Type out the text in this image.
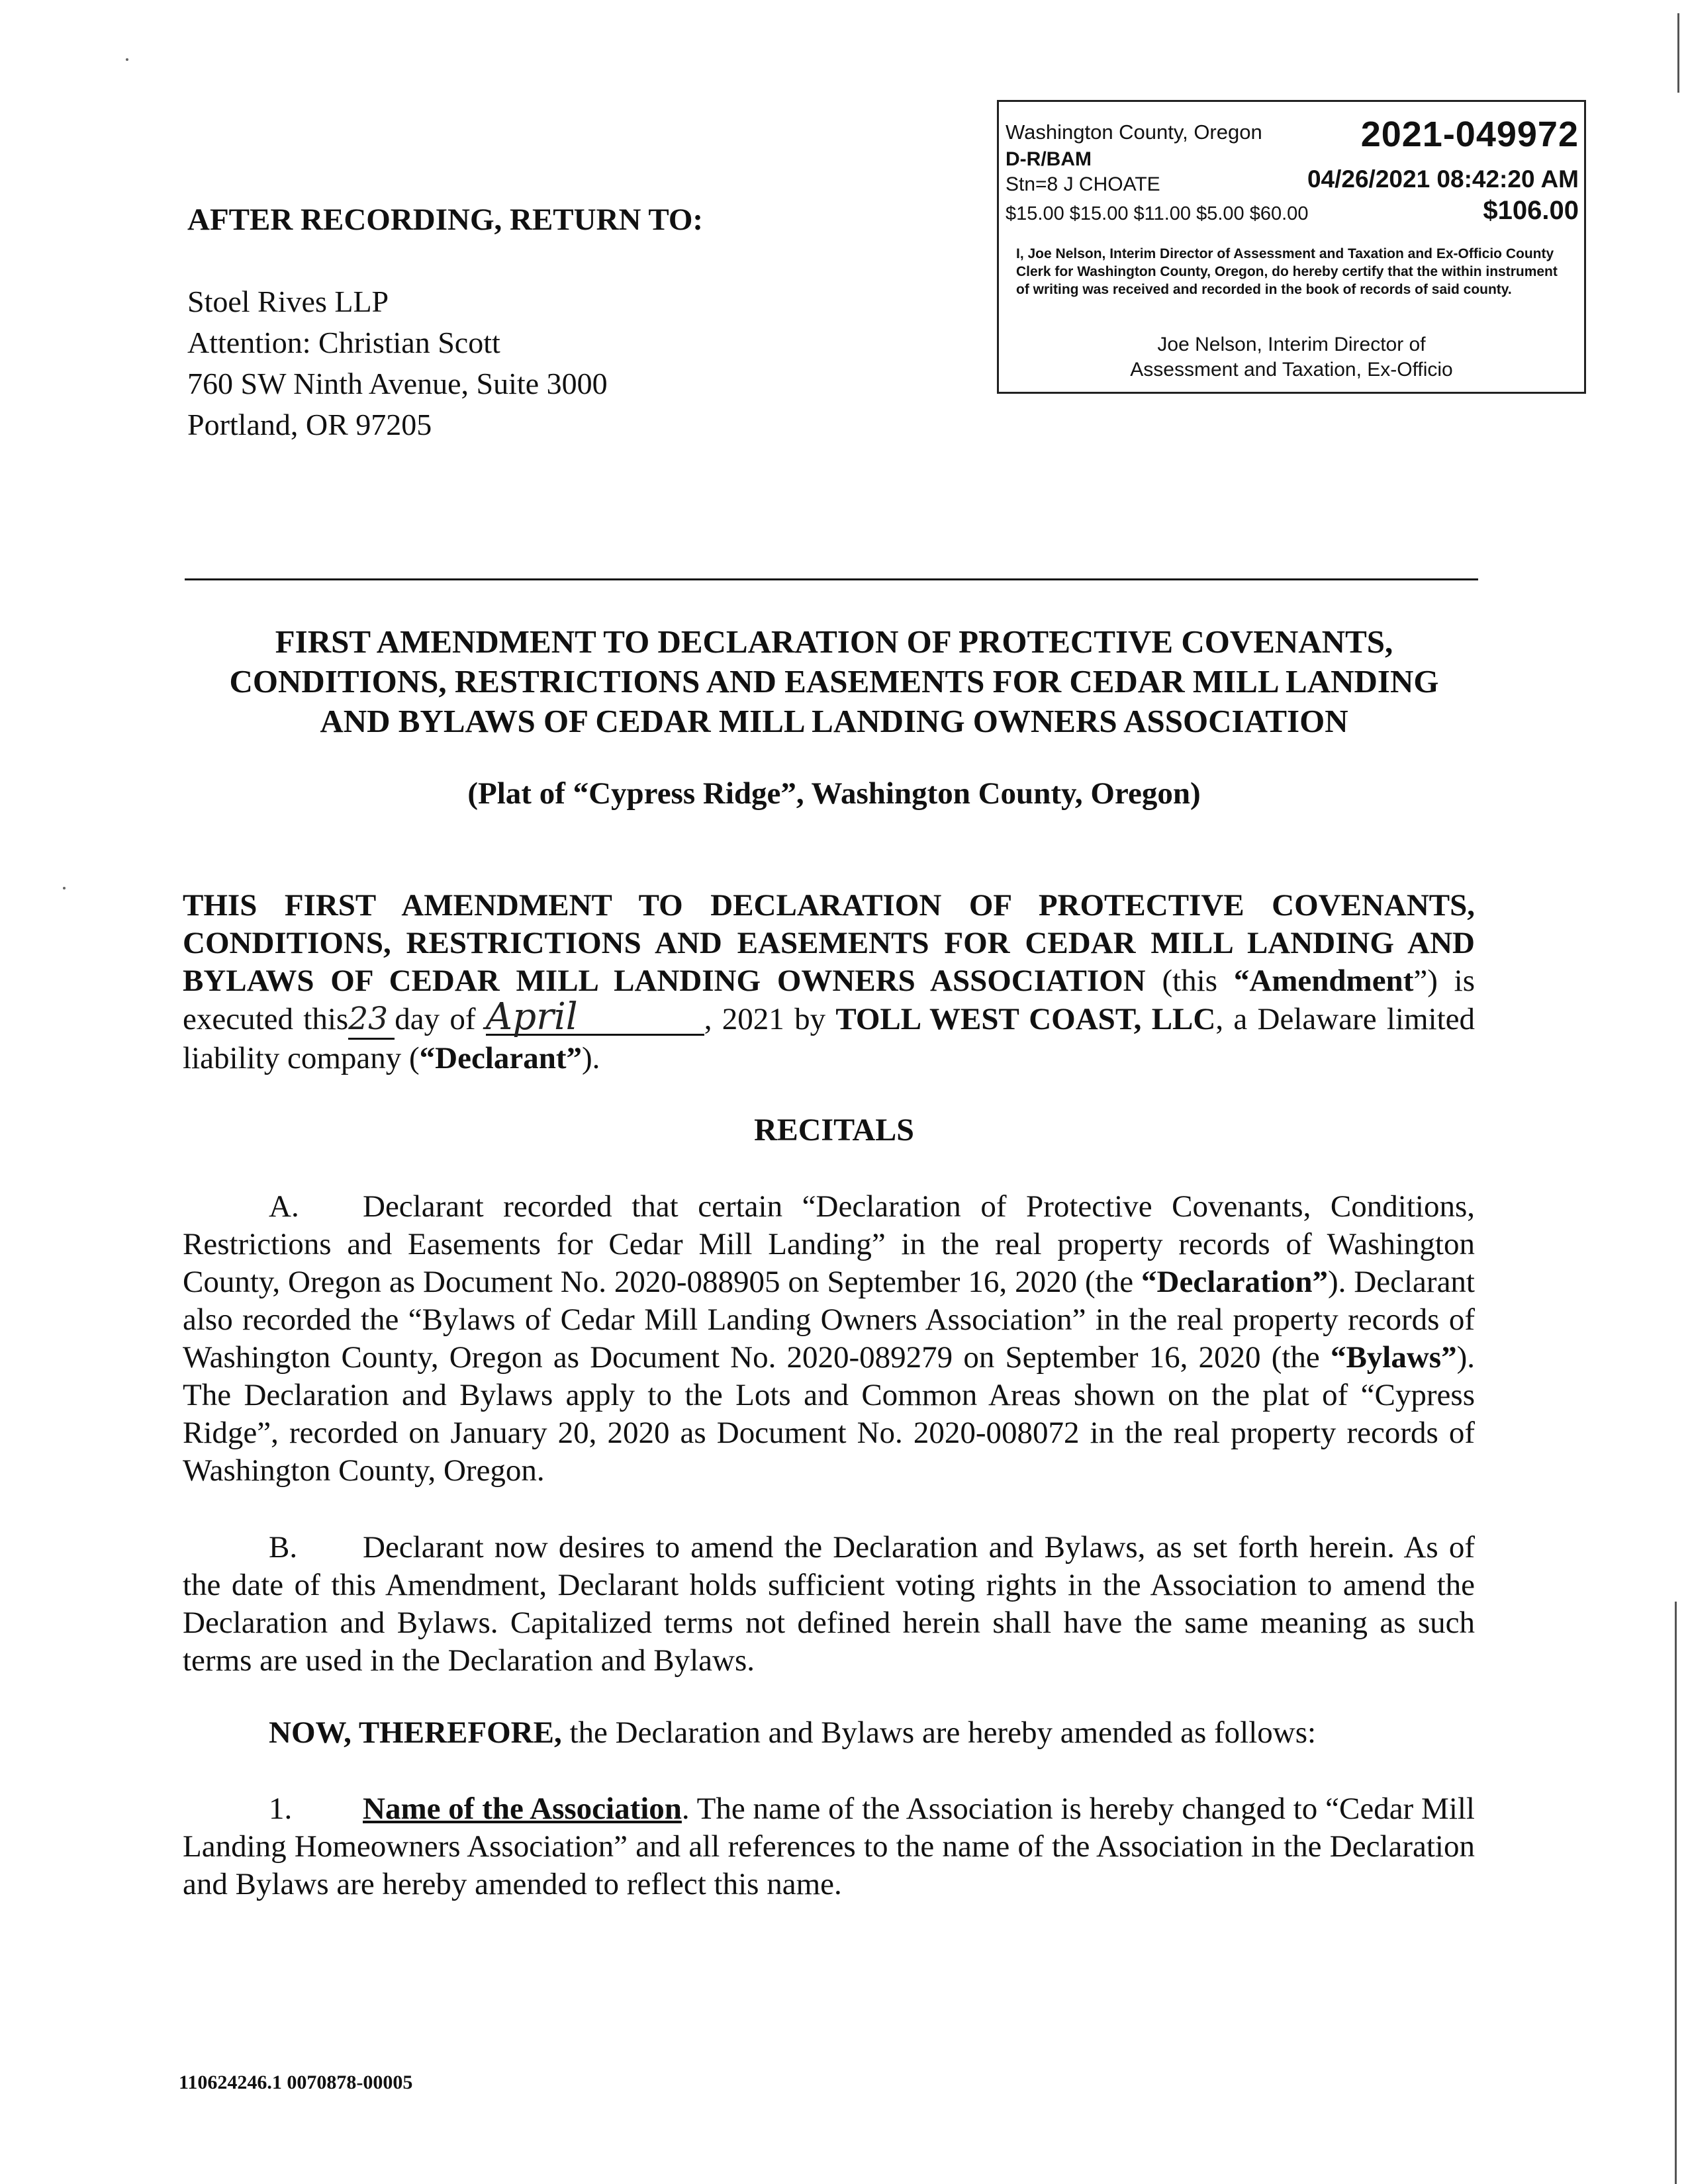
AFTER RECORDING, RETURN TO:
Stoel Rives LLP
Attention: Christian Scott
760 SW Ninth Avenue, Suite 3000
Portland, OR 97205
Washington County, Oregon	2021-049972
D-R/BAM
Stn=8 J CHOATE	04/26/2021 08:42:20 AM
$15.00 $15.00 $11.00 $5.00 $60.00	$106.00
I, Joe Nelson, Interim Director of Assessment and Taxation and Ex-Officio County Clerk for Washington County, Oregon, do hereby certify that the within instrument of writing was received and recorded in the book of records of said county.
Joe Nelson, Interim Director of
Assessment and Taxation, Ex-Officio
FIRST AMENDMENT TO DECLARATION OF PROTECTIVE COVENANTS,
CONDITIONS, RESTRICTIONS AND EASEMENTS FOR CEDAR MILL LANDING
AND BYLAWS OF CEDAR MILL LANDING OWNERS ASSOCIATION
(Plat of “Cypress Ridge”, Washington County, Oregon)
THIS FIRST AMENDMENT TO DECLARATION OF PROTECTIVE COVENANTS, CONDITIONS, RESTRICTIONS AND EASEMENTS FOR CEDAR MILL LANDING AND BYLAWS OF CEDAR MILL LANDING OWNERS ASSOCIATION (this “Amendment”) is executed this23 day of April	, 2021 by TOLL WEST COAST, LLC, a Delaware limited liability company (“Declarant”).
RECITALS
A. Declarant recorded that certain “Declaration of Protective Covenants, Conditions, Restrictions and Easements for Cedar Mill Landing” in the real property records of Washington County, Oregon as Document No. 2020-088905 on September 16, 2020 (the “Declaration”). Declarant also recorded the “Bylaws of Cedar Mill Landing Owners Association” in the real property records of Washington County, Oregon as Document No. 2020-089279 on September 16, 2020 (the “Bylaws”). The Declaration and Bylaws apply to the Lots and Common Areas shown on the plat of “Cypress Ridge”, recorded on January 20, 2020 as Document No. 2020-008072 in the real property records of Washington County, Oregon.
B. Declarant now desires to amend the Declaration and Bylaws, as set forth herein. As of the date of this Amendment, Declarant holds sufficient voting rights in the Association to amend the Declaration and Bylaws. Capitalized terms not defined herein shall have the same meaning as such terms are used in the Declaration and Bylaws.
NOW, THEREFORE, the Declaration and Bylaws are hereby amended as follows:
1. Name of the Association. The name of the Association is hereby changed to “Cedar Mill Landing Homeowners Association” and all references to the name of the Association in the Declaration and Bylaws are hereby amended to reflect this name.
110624246.1 0070878-00005
